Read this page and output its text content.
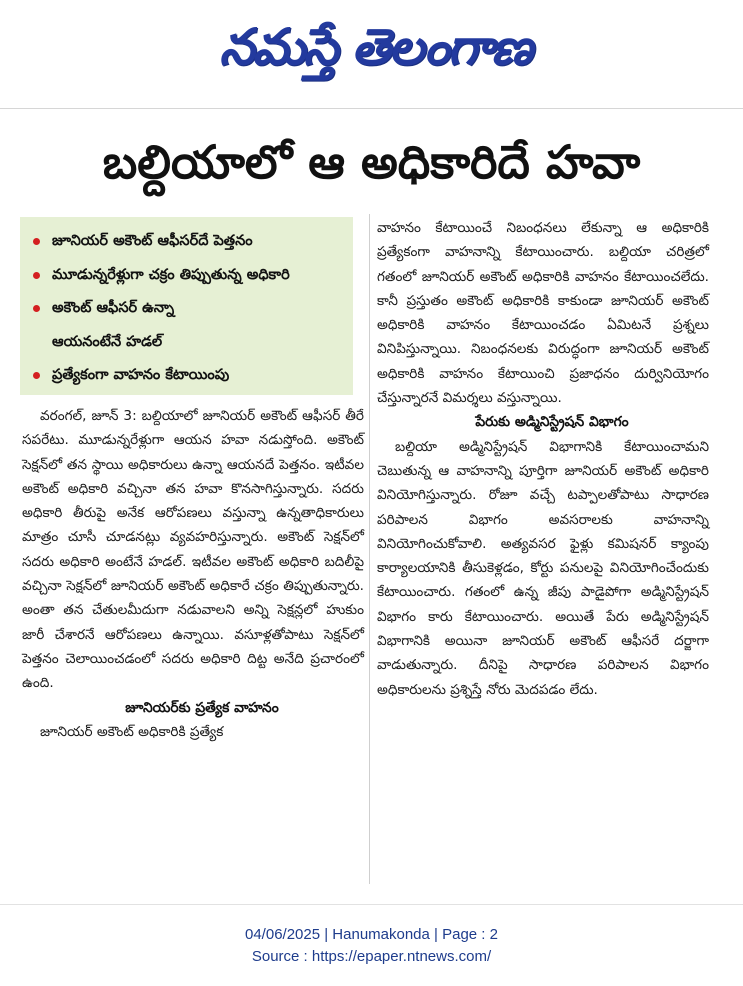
నమస్తే తెలంగాణ
బల్దియాలో ఆ అధికారిదే హవా
జూనియర్ అకౌంట్ ఆఫీసర్‌దే పెత్తనం
మూడున్నరేళ్లుగా చక్రం తిప్పుతున్న అధికారి
అకౌంట్ ఆఫీసర్ ఉన్నా
ఆయనంటేనే హడల్
ప్రత్యేకంగా వాహనం కేటాయింపు

వరంగల్, జూన్ 3: బల్దియాలో జూనియర్ అకౌంట్ ఆఫీసర్ తీరే సపరేటు. మూడున్నరేళ్లుగా ఆయన హవా నడుస్తోంది. అకౌంట్ సెక్షన్‌లో తన స్థాయి అధికారులు ఉన్నా ఆయనదే పెత్తనం. ఇటీవల అకౌంట్ అధికారి వచ్చినా తన హవా కొనసాగిస్తున్నారు. సదరు అధికారి తీరుపై అనేక ఆరోపణలు వస్తున్నా ఉన్నతాధికారులు మాత్రం చూసీ చూడనట్లు వ్యవహరిస్తున్నారు. అకౌంట్ సెక్షన్‌లో సదరు అధికారి అంటేనే హడల్. ఇటీవల అకౌంట్ అధికారి బదిలీపై వచ్చినా సెక్షన్‌లో జూనియర్ అకౌంట్ అధికారే చక్రం తిప్పుతున్నారు. అంతా తన చేతులమీదుగా నడువాలని అన్ని సెక్షన్లలో హుకుం జారీ చేశారనే ఆరోపణలు ఉన్నాయి. వసూళ్లతోపాటు సెక్షన్‌లో పెత్తనం చెలాయించడంలో సదరు అధికారి దిట్ట అనేది ప్రచారంలో ఉంది.

జూనియర్‌కు ప్రత్యేక వాహనం

జూనియర్ అకౌంట్ అధికారికి ప్రత్యేక

వాహనం కేటాయించే నిబంధనలు లేకున్నా ఆ అధికారికి ప్రత్యేకంగా వాహనాన్ని కేటాయించారు. బల్దియా చరిత్రలో గతంలో జూనియర్ అకౌంట్ అధికారికి వాహనం కేటాయించలేదు. కానీ ప్రస్తుతం అకౌంట్ అధికారికి కాకుండా జూనియర్ అకౌంట్ అధికారికి వాహనం కేటాయించడం ఏమిటనే ప్రశ్నలు వినిపిస్తున్నాయి. నిబంధనలకు విరుద్ధంగా జూనియర్ అకౌంట్ అధికారికి వాహనం కేటాయించి ప్రజాధనం దుర్వినియోగం చేస్తున్నారనే విమర్శలు వస్తున్నాయి.

పేరుకు అడ్మినిస్ట్రేషన్ విభాగం

బల్దియా అడ్మినిస్ట్రేషన్ విభాగానికి కేటాయించామని చెబుతున్న ఆ వాహనాన్ని పూర్తిగా జూనియర్ అకౌంట్ అధికారి వినియోగిస్తున్నారు. రోజూ వచ్చే టప్పాలతోపాటు సాధారణ పరిపాలన విభాగం అవసరాలకు వాహనాన్ని వినియోగించుకోవాలి. అత్యవసర ఫైళ్లు కమిషనర్ క్యాంపు కార్యాలయానికి తీసుకెళ్లడం, కోర్టు పనులపై వినియోగించేందుకు కేటాయించారు. గతంలో ఉన్న జీపు పాడైపోగా అడ్మినిస్ట్రేషన్ విభాగం కారు కేటాయించారు. అయితే పేరు అడ్మినిస్ట్రేషన్ విభాగానికి అయినా జూనియర్ అకౌంట్ ఆఫీసరే దర్జాగా వాడుతున్నారు. దీనిపై సాధారణ పరిపాలన విభాగం అధికారులను ప్రశ్నిస్తే నోరు మెదపడం లేదు.

04/06/2025 | Hanumakonda | Page : 2
Source : https://epaper.ntnews.com/
